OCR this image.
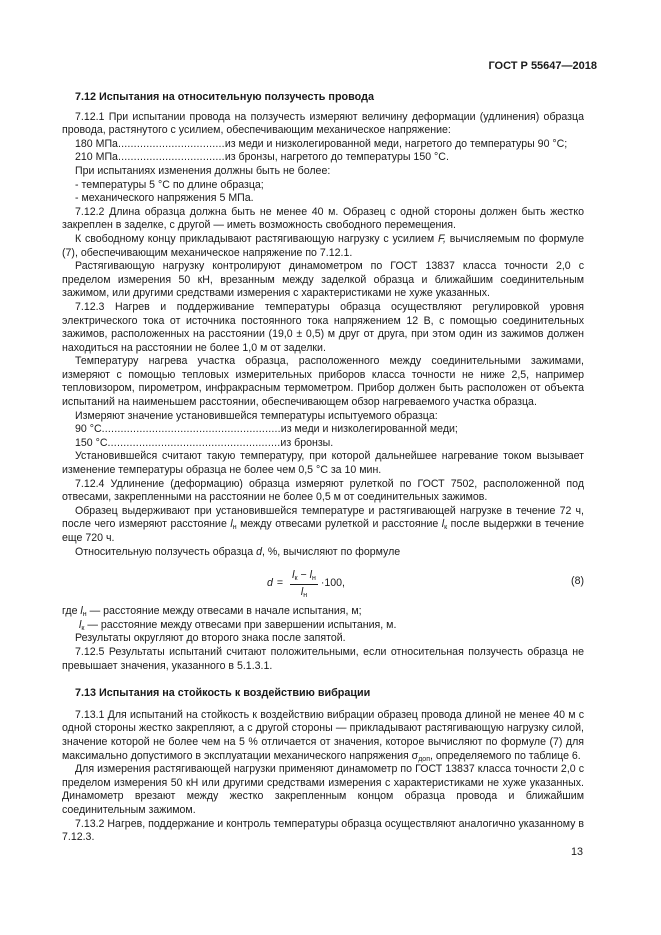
ГОСТ Р 55647—2018
7.12 Испытания на относительную ползучесть провода

7.12.1 При испытании провода на ползучесть измеряют величину деформации (удлинения) образца провода, растянутого с усилием, обеспечивающим механическое напряжение:

180 МПа .................................. из меди и низколегированной меди, нагретого до температуры 90 °С;
210 МПа .................................. из бронзы, нагретого до температуры 150 °С.

При испытаниях изменения должны быть не более:

- температуры 5 °С по длине образца;

- механического напряжения 5 МПа.

7.12.2 Длина образца должна быть не менее 40 м. Образец с одной стороны должен быть жестко закреплен в заделке, с другой — иметь возможность свободного перемещения.

К свободному концу прикладывают растягивающую нагрузку с усилием F, вычисляемым по формуле (7), обеспечивающим механическое напряжение по 7.12.1.

Растягивающую нагрузку контролируют динамометром по ГОСТ 13837 класса точности 2,0 с пределом измерения 50 кН, врезанным между заделкой образца и ближайшим соединительным зажимом, или другими средствами измерения с характеристиками не хуже указанных.

7.12.3 Нагрев и поддерживание температуры образца осуществляют регулировкой уровня электрического тока от источника постоянного тока напряжением 12 В, с помощью соединительных зажимов, расположенных на расстоянии (19,0 ± 0,5) м друг от друга, при этом один из зажимов должен находиться на расстоянии не более 1,0 м от заделки.

Температуру нагрева участка образца, расположенного между соединительными зажимами, измеряют с помощью тепловых измерительных приборов класса точности не ниже 2,5, например тепловизором, пирометром, инфракрасным термометром. Прибор должен быть расположен от объекта испытаний на наименьшем расстоянии, обеспечивающем обзор нагреваемого участка образца.

Измеряют значение установившейся температуры испытуемого образца:

90 °С ......................................................... из меди и низколегированной меди;
150 °С ....................................................... из бронзы.

Установившейся считают такую температуру, при которой дальнейшее нагревание током вызывает изменение температуры образца не более чем 0,5 °С за 10 мин.

7.12.4 Удлинение (деформацию) образца измеряют рулеткой по ГОСТ 7502, расположенной под отвесами, закрепленными на расстоянии не более 0,5 м от соединительных зажимов.

Образец выдерживают при установившейся температуре и растягивающей нагрузке в течение 72 ч, после чего измеряют расстояние $l_н$ между отвесами рулеткой и расстояние $l_к$ после выдержки в течение еще 720 ч.

Относительную ползучесть образца d, %, вычисляют по формуле

$d = \frac{l_к - l_н}{l_н} \cdot 100$,	(8)

где $l_н$ — расстояние между отвесами в начале испытания, м;

$l_к$ — расстояние между отвесами при завершении испытания, м.

Результаты округляют до второго знака после запятой.

7.12.5 Результаты испытаний считают положительными, если относительная ползучесть образца не превышает значения, указанного в 5.1.3.1.

7.13 Испытания на стойкость к воздействию вибрации

7.13.1 Для испытаний на стойкость к воздействию вибрации образец провода длиной не менее 40 м с одной стороны жестко закрепляют, а с другой стороны — прикладывают растягивающую нагрузку силой, значение которой не более чем на 5 % отличается от значения, которое вычисляют по формуле (7) для максимально допустимого в эксплуатации механического напряжения $\sigma_{доп}$, определяемого по таблице 6.

Для измерения растягивающей нагрузки применяют динамометр по ГОСТ 13837 класса точности 2,0 с пределом измерения 50 кН или другими средствами измерения с характеристиками не хуже указанных. Динамометр врезают между жестко закрепленным концом образца провода и ближайшим соединительным зажимом.

7.13.2 Нагрев, поддержание и контроль температуры образца осуществляют аналогично указанному в 7.12.3.

13
